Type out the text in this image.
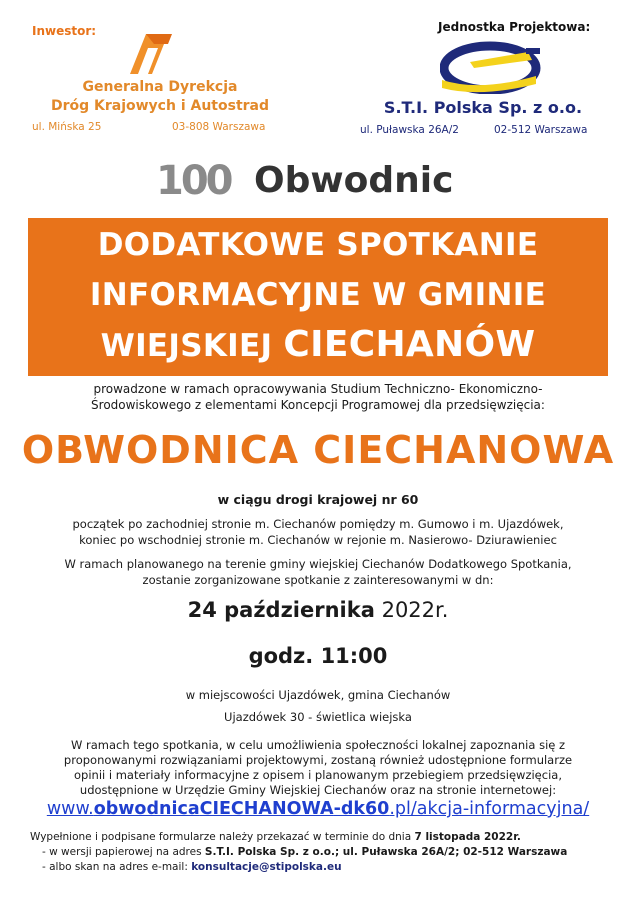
Inwestor:
Generalna Dyrekcja
Dróg Krajowych i Autostrad
ul. Mińska 25	03-808 Warszawa
Jednostka Projektowa:
S.T.I. Polska Sp. z o.o.
ul. Puławska 26A/2	02-512 Warszawa
100 Obwodnic
DODATKOWE SPOTKANIE
INFORMACYJNE W GMINIE
WIEJSKIEJ CIECHANÓW
prowadzone w ramach opracowywania Studium Techniczno- Ekonomiczno-
Środowiskowego z elementami Koncepcji Programowej dla przedsięwzięcia:
OBWODNICA CIECHANOWA
w ciągu drogi krajowej nr 60
początek po zachodniej stronie m. Ciechanów pomiędzy m. Gumowo i m. Ujazdówek,
koniec po wschodniej stronie m. Ciechanów w rejonie m. Nasierowo- Dziurawieniec
W ramach planowanego na terenie gminy wiejskiej Ciechanów Dodatkowego Spotkania,
zostanie zorganizowane spotkanie z zainteresowanymi w dn:
24 października 2022r.
godz. 11:00
w miejscowości Ujazdówek, gmina Ciechanów
Ujazdówek 30 - świetlica wiejska
W ramach tego spotkania, w celu umożliwienia społeczności lokalnej zapoznania się z
proponowanymi rozwiązaniami projektowymi, zostaną również udostępnione formularze
opinii i materiały informacyjne z opisem i planowanym przebiegiem przedsięwzięcia,
udostępnione w Urzędzie Gminy Wiejskiej Ciechanów oraz na stronie internetowej:
www.obwodnicaCIECHANOWA-dk60.pl/akcja-informacyjna/
Wypełnione i podpisane formularze należy przekazać w terminie do dnia 7 listopada 2022r.
- w wersji papierowej na adres S.T.I. Polska Sp. z o.o.; ul. Puławska 26A/2; 02-512 Warszawa
- albo skan na adres e-mail: konsultacje@stipolska.eu
